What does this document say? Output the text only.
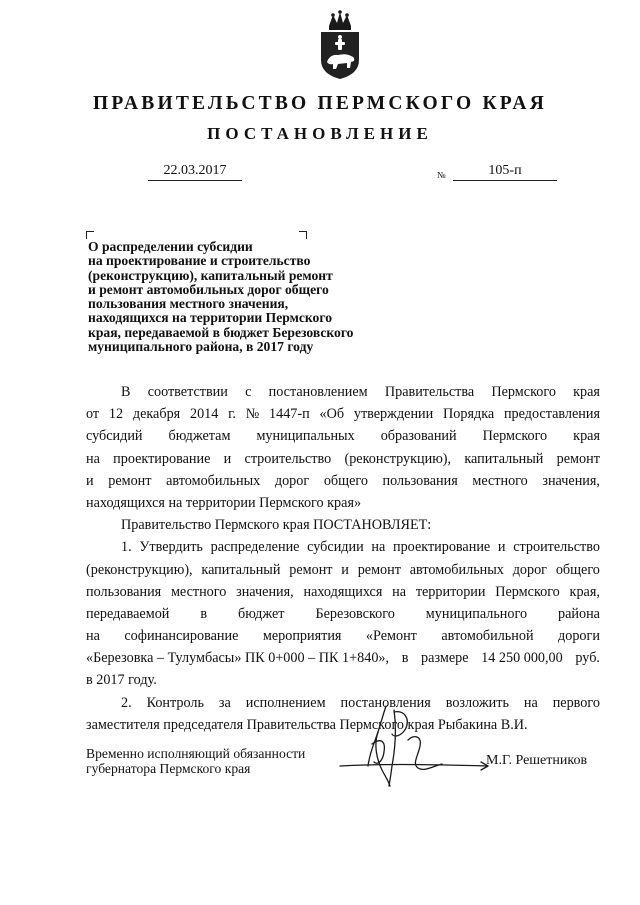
ПРАВИТЕЛЬСТВО ПЕРМСКОГО КРАЯ
ПОСТАНОВЛЕНИЕ
22.03.2017	№	105-п
О распределении субсидии
на проектирование и строительство
(реконструкцию), капитальный ремонт
и ремонт автомобильных дорог общего
пользования местного значения,
находящихся на территории Пермского
края, передаваемой в бюджет Березовского
муниципального района, в 2017 году
В соответствии с постановлением Правительства Пермского края
от 12 декабря 2014 г. № 1447-п «Об утверждении Порядка предоставления
субсидий бюджетам муниципальных образований Пермского края
на проектирование и строительство (реконструкцию), капитальный ремонт
и ремонт автомобильных дорог общего пользования местного значения,
находящихся на территории Пермского края»
Правительство Пермского края ПОСТАНОВЛЯЕТ:
1. Утвердить распределение субсидии на проектирование и строительство
(реконструкцию), капитальный ремонт и ремонт автомобильных дорог общего
пользования местного значения, находящихся на территории Пермского края,
передаваемой в бюджет Березовского муниципального района
на софинансирование мероприятия «Ремонт автомобильной дороги
«Березовка – Тулумбасы» ПК 0+000 – ПК 1+840», в размере 14 250 000,00 руб.
в 2017 году.
2. Контроль за исполнением постановления возложить на первого
заместителя председателя Правительства Пермского края Рыбакина В.И.
Временно исполняющий обязанности
губернатора Пермского края	М.Г. Решетников
